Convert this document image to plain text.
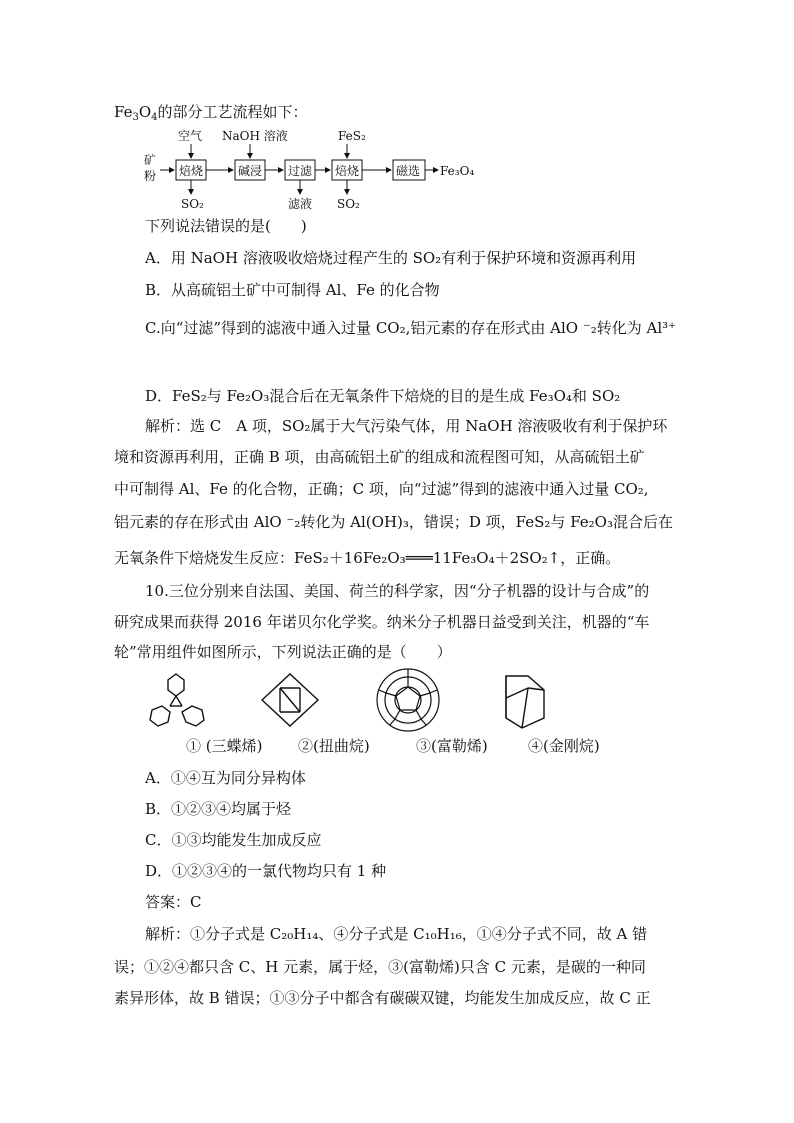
$Fe_3O_4$的部分工艺流程如下：
矿
粉 焙烧	碱浸 过滤 焙烧	磁选 Fe₃O₄
空气 NaOH 溶液	FeS₂
SO₂	滤液 SO₂
下列说法错误的是(　　)
A．用 NaOH 溶液吸收焙烧过程产生的 SO₂有利于保护环境和资源再利用
B．从高硫铝土矿中可制得 Al、Fe 的化合物
C.向“过滤”得到的滤液中通入过量 CO₂,铝元素的存在形式由 AlO ⁻₂转化为 Al³⁺
D．FeS₂与 Fe₂O₃混合后在无氧条件下焙烧的目的是生成 Fe₃O₄和 SO₂
解析：选 C　A 项，SO₂属于大气污染气体，用 NaOH 溶液吸收有利于保护环
境和资源再利用，正确 B 项，由高硫铝土矿的组成和流程图可知，从高硫铝土矿
中可制得 Al、Fe 的化合物，正确；C 项，向“过滤”得到的滤液中通入过量 CO₂,
铝元素的存在形式由 AlO ⁻₂转化为 Al(OH)₃，错误；D 项，FeS₂与 Fe₂O₃混合后在
无氧条件下焙烧发生反应：FeS₂＋16Fe₂O₃═══11Fe₃O₄＋2SO₂↑，正确。
10.三位分别来自法国、美国、荷兰的科学家，因“分子机器的设计与合成”的
研究成果而获得 2016 年诺贝尔化学奖。纳米分子机器日益受到关注，机器的“车
轮”常用组件如图所示，下列说法正确的是（　　）
① (三蝶烯) ②(扭曲烷)	③(富勒烯)	④(金刚烷)
A．①④互为同分异构体
B．①②③④均属于烃
C．①③均能发生加成反应
D．①②③④的一氯代物均只有 1 种
答案：C
解析：①分子式是 C₂₀H₁₄、④分子式是 C₁₀H₁₆，①④分子式不同，故 A 错
误；①②④都只含 C、H 元素，属于烃，③(富勒烯)只含 C 元素，是碳的一种同
素异形体，故 B 错误；①③分子中都含有碳碳双键，均能发生加成反应，故 C 正
